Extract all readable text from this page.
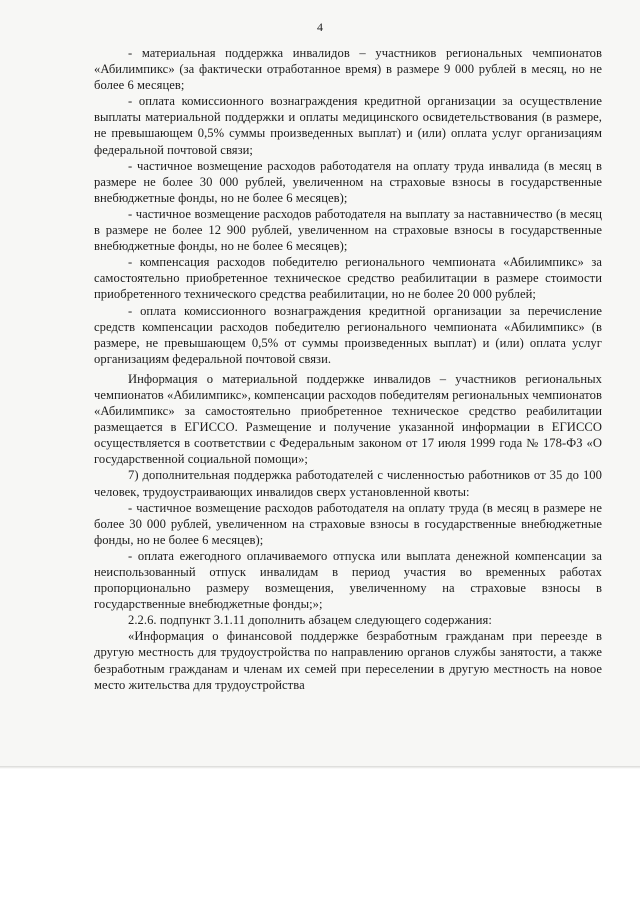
4

- материальная поддержка инвалидов – участников региональных чемпионатов «Абилимпикс» (за фактически отработанное время) в размере 9 000 рублей в месяц, но не более 6 месяцев;

- оплата комиссионного вознаграждения кредитной организации за осуществление выплаты материальной поддержки и оплаты медицинского освидетельствования (в размере, не превышающем 0,5% суммы произведенных выплат) и (или) оплата услуг организациям федеральной почтовой связи;

- частичное возмещение расходов работодателя на оплату труда инвалида (в месяц в размере не более 30 000 рублей, увеличенном на страховые взносы в государственные внебюджетные фонды, но не более 6 месяцев);

- частичное возмещение расходов работодателя на выплату за наставничество (в месяц в размере не более 12 900 рублей, увеличенном на страховые взносы в государственные внебюджетные фонды, но не более 6 месяцев);

- компенсация расходов победителю регионального чемпионата «Абилимпикс» за самостоятельно приобретенное техническое средство реабилитации в размере стоимости приобретенного технического средства реабилитации, но не более 20 000 рублей;

- оплата комиссионного вознаграждения кредитной организации за перечисление средств компенсации расходов победителю регионального чемпионата «Абилимпикс» (в размере, не превышающем 0,5% от суммы произведенных выплат) и (или) оплата услуг организациям федеральной почтовой связи.

Информация о материальной поддержке инвалидов – участников региональных чемпионатов «Абилимпикс», компенсации расходов победителям региональных чемпионатов «Абилимпикс» за самостоятельно приобретенное техническое средство реабилитации размещается в ЕГИССО. Размещение и получение указанной информации в ЕГИССО осуществляется в соответствии с Федеральным законом от 17 июля 1999 года № 178-ФЗ «О государственной социальной помощи»;

7) дополнительная поддержка работодателей с численностью работников от 35 до 100 человек, трудоустраивающих инвалидов сверх установленной квоты:

- частичное возмещение расходов работодателя на оплату труда (в месяц в размере не более 30 000 рублей, увеличенном на страховые взносы в государственные внебюджетные фонды, но не более 6 месяцев);

- оплата ежегодного оплачиваемого отпуска или выплата денежной компенсации за неиспользованный отпуск инвалидам в период участия во временных работах пропорционально размеру возмещения, увеличенному на страховые взносы в государственные внебюджетные фонды;»;

2.2.6. подпункт 3.1.11 дополнить абзацем следующего содержания:

«Информация о финансовой поддержке безработным гражданам при переезде в другую местность для трудоустройства по направлению органов службы занятости, а также безработным гражданам и членам их семей при переселении в другую местность на новое место жительства для трудоустройства
